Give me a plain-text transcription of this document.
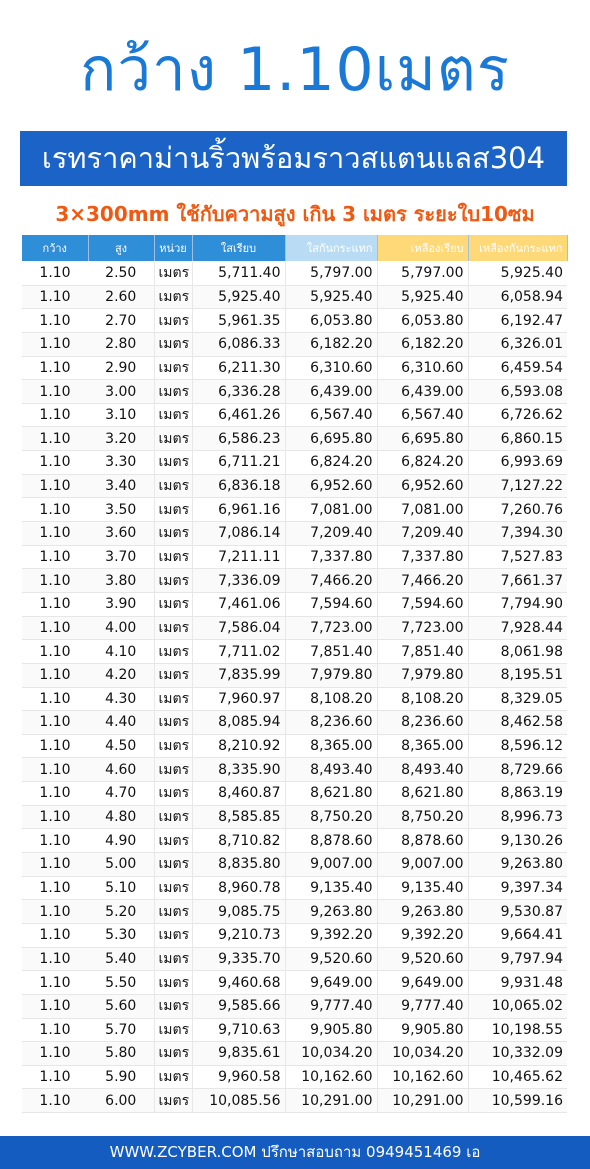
กว้าง 1.10เมตร
เรทราคาม่านริ้วพร้อมราวสแตนแลส304
3×300mm ใช้กับความสูง เกิน 3 เมตร ระยะใบ10ซม
กว้าง	สูง	หน่วย	ใสเรียบ	ใสกันกระแทก	เหลืองเรียบ	เหลืองกันกระแทก
1.10	2.50	เมตร	5,711.40	5,797.00	5,797.00	5,925.40
1.10	2.60	เมตร	5,925.40	5,925.40	5,925.40	6,058.94
1.10	2.70	เมตร	5,961.35	6,053.80	6,053.80	6,192.47
1.10	2.80	เมตร	6,086.33	6,182.20	6,182.20	6,326.01
1.10	2.90	เมตร	6,211.30	6,310.60	6,310.60	6,459.54
1.10	3.00	เมตร	6,336.28	6,439.00	6,439.00	6,593.08
1.10	3.10	เมตร	6,461.26	6,567.40	6,567.40	6,726.62
1.10	3.20	เมตร	6,586.23	6,695.80	6,695.80	6,860.15
1.10	3.30	เมตร	6,711.21	6,824.20	6,824.20	6,993.69
1.10	3.40	เมตร	6,836.18	6,952.60	6,952.60	7,127.22
1.10	3.50	เมตร	6,961.16	7,081.00	7,081.00	7,260.76
1.10	3.60	เมตร	7,086.14	7,209.40	7,209.40	7,394.30
1.10	3.70	เมตร	7,211.11	7,337.80	7,337.80	7,527.83
1.10	3.80	เมตร	7,336.09	7,466.20	7,466.20	7,661.37
1.10	3.90	เมตร	7,461.06	7,594.60	7,594.60	7,794.90
1.10	4.00	เมตร	7,586.04	7,723.00	7,723.00	7,928.44
1.10	4.10	เมตร	7,711.02	7,851.40	7,851.40	8,061.98
1.10	4.20	เมตร	7,835.99	7,979.80	7,979.80	8,195.51
1.10	4.30	เมตร	7,960.97	8,108.20	8,108.20	8,329.05
1.10	4.40	เมตร	8,085.94	8,236.60	8,236.60	8,462.58
1.10	4.50	เมตร	8,210.92	8,365.00	8,365.00	8,596.12
1.10	4.60	เมตร	8,335.90	8,493.40	8,493.40	8,729.66
1.10	4.70	เมตร	8,460.87	8,621.80	8,621.80	8,863.19
1.10	4.80	เมตร	8,585.85	8,750.20	8,750.20	8,996.73
1.10	4.90	เมตร	8,710.82	8,878.60	8,878.60	9,130.26
1.10	5.00	เมตร	8,835.80	9,007.00	9,007.00	9,263.80
1.10	5.10	เมตร	8,960.78	9,135.40	9,135.40	9,397.34
1.10	5.20	เมตร	9,085.75	9,263.80	9,263.80	9,530.87
1.10	5.30	เมตร	9,210.73	9,392.20	9,392.20	9,664.41
1.10	5.40	เมตร	9,335.70	9,520.60	9,520.60	9,797.94
1.10	5.50	เมตร	9,460.68	9,649.00	9,649.00	9,931.48
1.10	5.60	เมตร	9,585.66	9,777.40	9,777.40	10,065.02
1.10	5.70	เมตร	9,710.63	9,905.80	9,905.80	10,198.55
1.10	5.80	เมตร	9,835.61	10,034.20	10,034.20	10,332.09
1.10	5.90	เมตร	9,960.58	10,162.60	10,162.60	10,465.62
1.10	6.00	เมตร	10,085.56	10,291.00	10,291.00	10,599.16
WWW.ZCYBER.COM ปรึกษาสอบถาม 0949451469 เอ
